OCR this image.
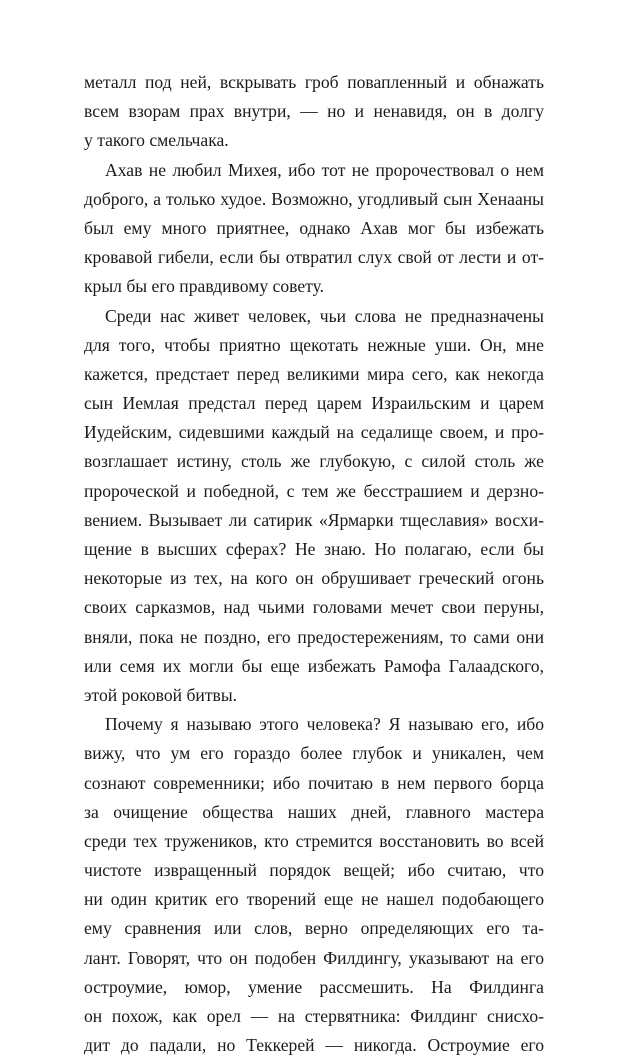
металл под ней, вскрывать гроб повапленный и обнажать
всем взорам прах внутри, — но и ненавидя, он в долгу
у такого смельчака.
Ахав не любил Михея, ибо тот не пророчествовал о нем
доброго, а только худое. Возможно, угодливый сын Хенааны
был ему много приятнее, однако Ахав мог бы избежать
кровавой гибели, если бы отвратил слух свой от лести и от-
крыл бы его правдивому совету.
Среди нас живет человек, чьи слова не предназначены
для того, чтобы приятно щекотать нежные уши. Он, мне
кажется, предстает перед великими мира сего, как некогда
сын Иемлая предстал перед царем Израильским и царем
Иудейским, сидевшими каждый на седалище своем, и про-
возглашает истину, столь же глубокую, с силой столь же
пророческой и победной, с тем же бесстрашием и дерзно-
вением. Вызывает ли сатирик «Ярмарки тщеславия» восхи-
щение в высших сферах? Не знаю. Но полагаю, если бы
некоторые из тех, на кого он обрушивает греческий огонь
своих сарказмов, над чьими головами мечет свои перуны,
вняли, пока не поздно, его предостережениям, то сами они
или семя их могли бы еще избежать Рамофа Галаадского,
этой роковой битвы.
Почему я называю этого человека? Я называю его, ибо
вижу, что ум его гораздо более глубок и уникален, чем
сознают современники; ибо почитаю в нем первого борца
за очищение общества наших дней, главного мастера
среди тех тружеников, кто стремится восстановить во всей
чистоте извращенный порядок вещей; ибо считаю, что
ни один критик его творений еще не нашел подобающего
ему сравнения или слов, верно определяющих его та-
лант. Говорят, что он подобен Филдингу, указывают на его
остроумие, юмор, умение рассмешить. На Филдинга
он похож, как орел — на стервятника: Филдинг снисхо-
дит до падали, но Теккерей — никогда. Остроумие его
